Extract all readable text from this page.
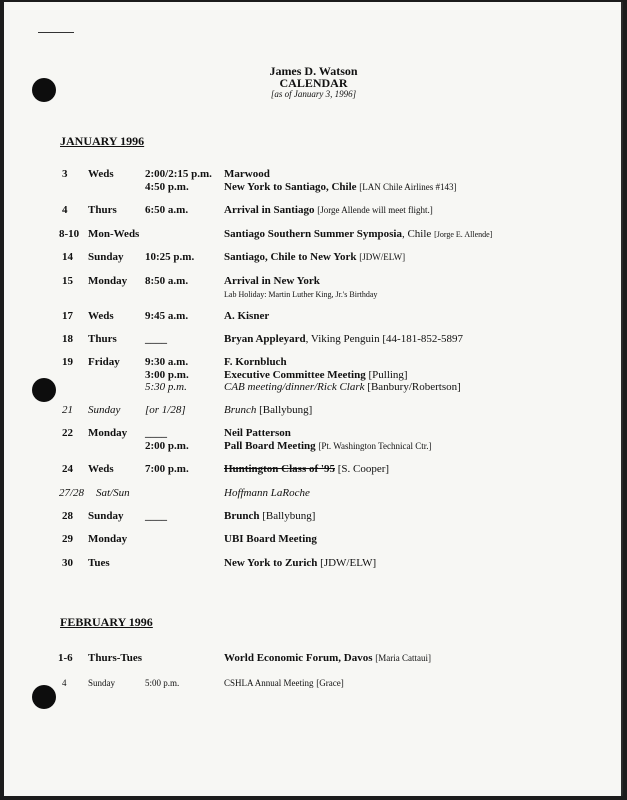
James D. Watson
CALENDAR
[as of January 3, 1996]
JANUARY 1996
3 Weds	2:00/2:15 p.m. Marwood
4:50 p.m.	New York to Santiago, Chile [LAN Chile Airlines #143]
4 Thurs	6:50 a.m.	Arrival in Santiago [Jorge Allende will meet flight.]
8-10 Mon-Weds	Santiago Southern Summer Symposia, Chile [Jorge E. Allende]
14 Sunday 10:25 p.m.	Santiago, Chile to New York [JDW/ELW]
15 Monday 8:50 a.m.	Arrival in New York
Lab Holiday: Martin Luther King, Jr.'s Birthday
17 Weds	9:45 a.m.	A. Kisner
18 Thurs	____	Bryan Appleyard, Viking Penguin [44-181-852-5897
19 Friday 9:30 a.m.	F. Kornbluch
3:00 p.m.	Executive Committee Meeting [Pulling]
5:30 p.m.	CAB meeting/dinner/Rick Clark [Banbury/Robertson]
21 Sunday [or 1/28]	Brunch [Ballybung]
22 Monday ____	Neil Patterson
2:00 p.m.	Pall Board Meeting [Pt. Washington Technical Ctr.]
24 Weds	7:00 p.m.	Huntington Class of '95 [S. Cooper]
27/28 Sat/Sun	Hoffmann LaRoche
28 Sunday ____	Brunch [Ballybung]
29 Monday	UBI Board Meeting
30 Tues	New York to Zurich [JDW/ELW]
FEBRUARY 1996
1-6 Thurs-Tues	World Economic Forum, Davos [Maria Cattaui]
4 Sunday	5:00 p.m.	CSHLA Annual Meeting [Grace]
